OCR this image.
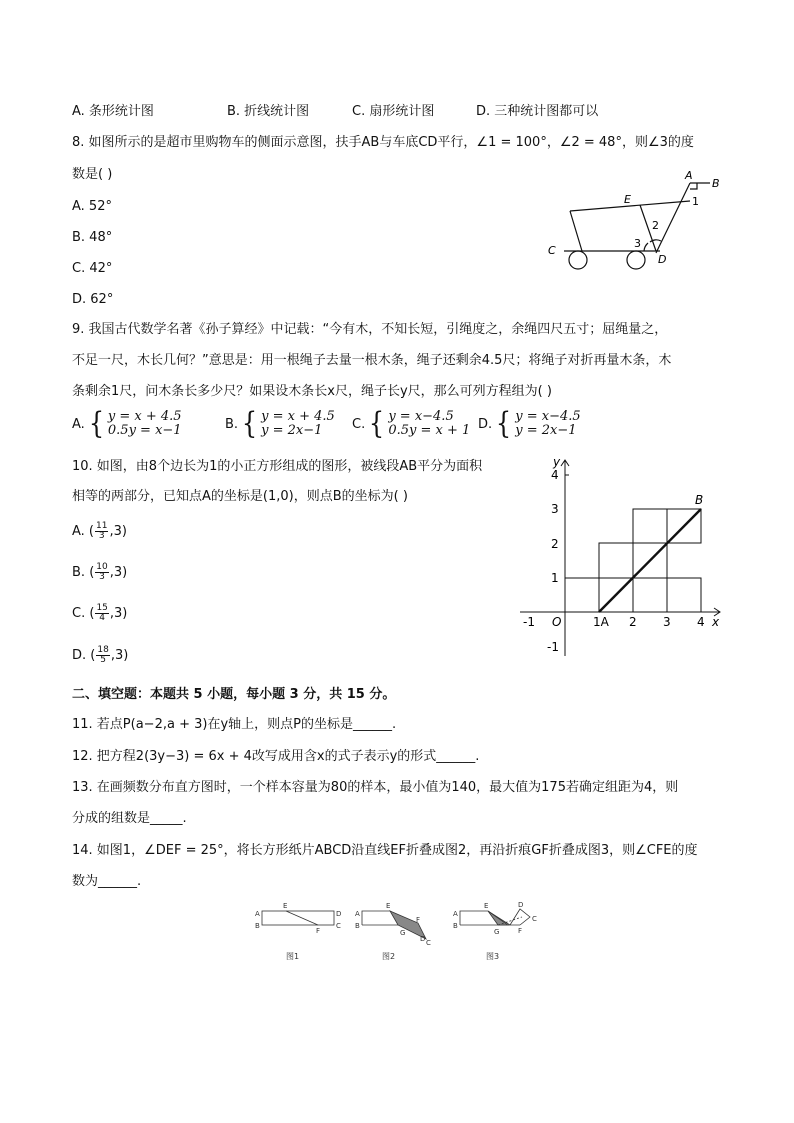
A. 条形统计图	B. 折线统计图	C. 扇形统计图	D. 三种统计图都可以
8. 如图所示的是超市里购物车的侧面示意图，扶手AB与车底CD平行，∠1 = 100°，∠2 = 48°，则∠3的度
数是( )
A. 52°
B. 48°
C. 42°
D. 62°
A
B
C
D
E	1
2
3
9. 我国古代数学名著《孙子算经》中记载：“今有木，不知长短，引绳度之，余绳四尺五寸；屈绳量之，
不足一尺，木长几何？”意思是：用一根绳子去量一根木条，绳子还剩余4.5尺；将绳子对折再量木条，木
条剩余1尺，问木条长多少尺？如果设木条长x尺，绳子长y尺，那么可列方程组为( )
A. { y = x + 4.5
0.5y = x−1	B. { y = x + 4.5
y = 2x−1	C. { y = x−4.5
0.5y = x + 1 D. { y = x−4.5
y = 2x−1
10. 如图，由8个边长为1的小正方形组成的图形，被线段AB平分为面积
相等的两部分，已知点A的坐标是(1,0)，则点B的坐标为( )
A. ( $\frac{11}{3} ,3$)
B. ( $\frac{10}{3} ,3$)
C. ( $\frac{15}{4} ,3$)
D. ( $\frac{18}{5} ,3$)
y
x
O	1A
B
-1	2 3 4
4
3
2
1
-1
二、填空题：本题共 5 小题，每小题 3 分，共 15 分。
11. 若点P(a−2,a + 3)在y轴上，则点P的坐标是______.
12. 把方程2(3y−3) = 6x + 4改写成用含x的式子表示y的形式______.
13. 在画频数分布直方图时，一个样本容量为80的样本，最小值为140，最大值为175若确定组距为4，则
分成的组数是_____.
14. 如图1，∠DEF = 25°，将长方形纸片ABCD沿直线EF折叠成图2，再沿折痕GF折叠成图3，则∠CFE的度
数为______.
A
B
E
D
C
F
A
B
E
F
G
C
D
A
B
E
G	F
D
C
图1	图2	图3
